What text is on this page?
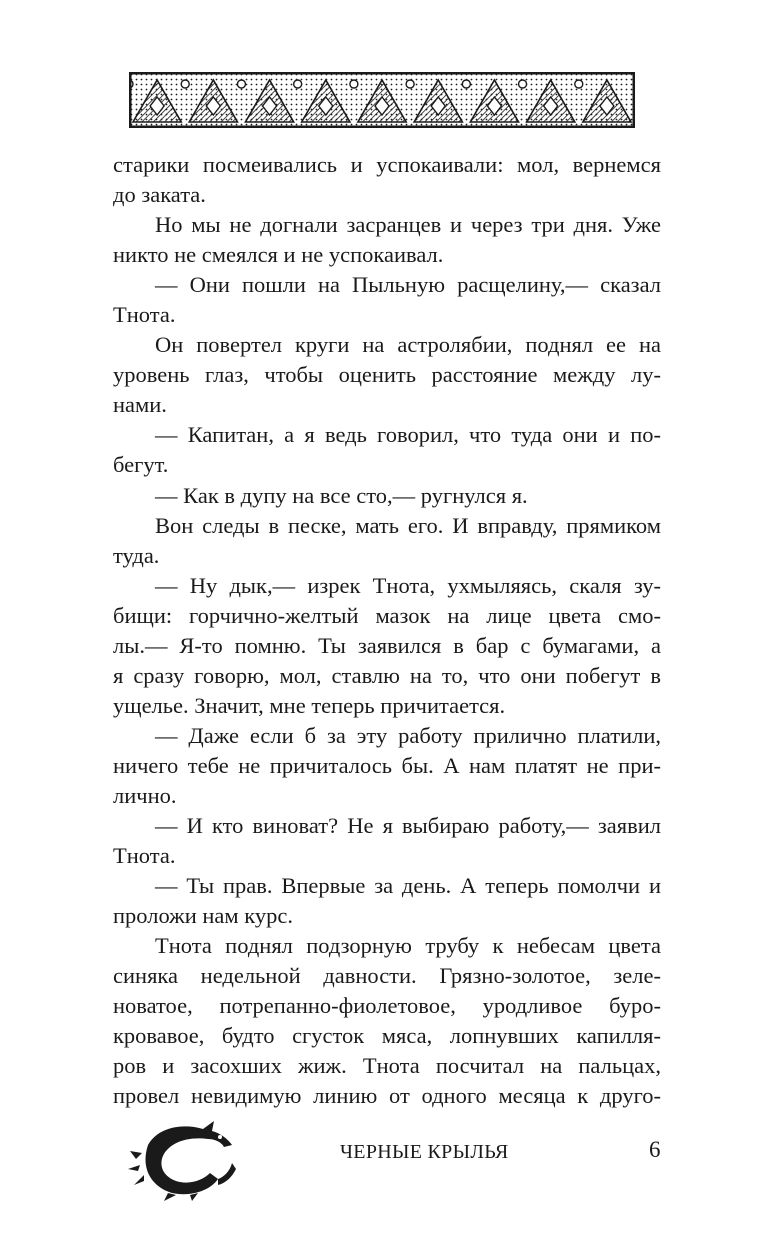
старики посмеивались и успокаивали: мол, вернемся
до заката.
Но мы не догнали засранцев и через три дня. Уже
никто не смеялся и не успокаивал.
— Они пошли на Пыльную расщелину,— сказал
Тнота.
Он повертел круги на астролябии, поднял ее на
уровень глаз, чтобы оценить расстояние между лу-
нами.
— Капитан, а я ведь говорил, что туда они и по-
бегут.
— Как в дупу на все сто,— ругнулся я.
Вон следы в песке, мать его. И вправду, прямиком
туда.
— Ну дык,— изрек Тнота, ухмыляясь, скаля зу-
бищи: горчично-желтый мазок на лице цвета смо-
лы.— Я-то помню. Ты заявился в бар с бумагами, а
я сразу говорю, мол, ставлю на то, что они побегут в
ущелье. Значит, мне теперь причитается.
— Даже если б за эту работу прилично платили,
ничего тебе не причиталось бы. А нам платят не при-
лично.
— И кто виноват? Не я выбираю работу,— заявил
Тнота.
— Ты прав. Впервые за день. А теперь помолчи и
проложи нам курс.
Тнота поднял подзорную трубу к небесам цвета
синяка недельной давности. Грязно-золотое, зеле-
новатое, потрепанно-фиолетовое, уродливое буро-
кровавое, будто сгусток мяса, лопнувших капилля-
ров и засохших жиж. Тнота посчитал на пальцах,
провел невидимую линию от одного месяца к друго-
ЧЕРНЫЕ КРЫЛЬЯ	6
